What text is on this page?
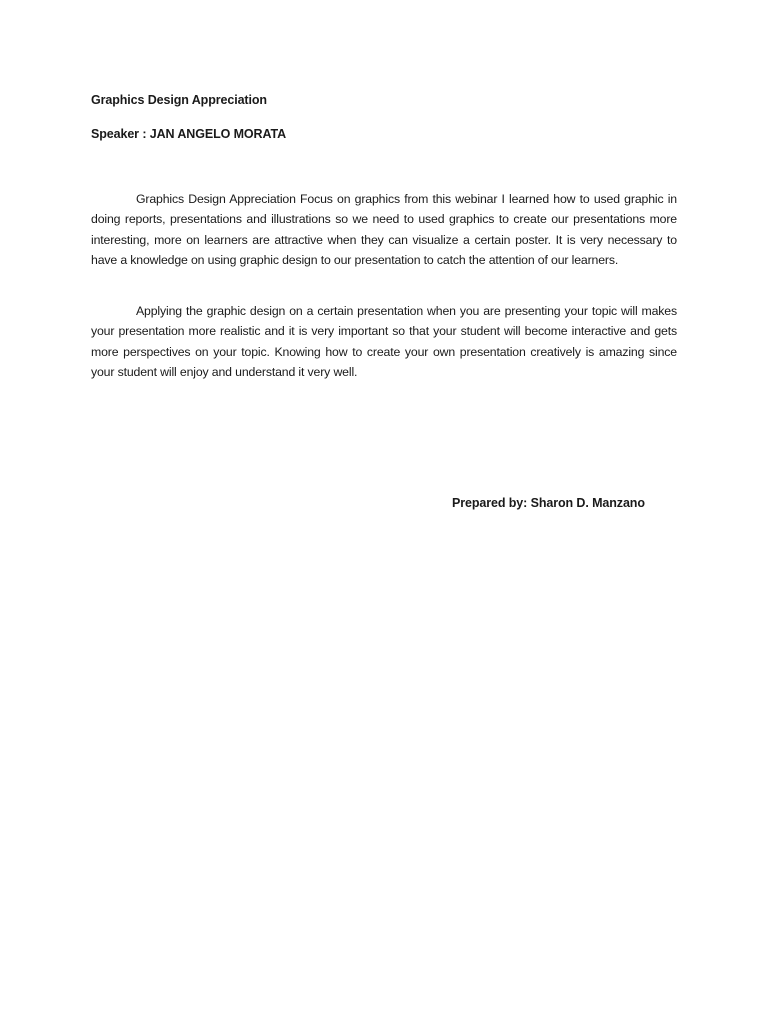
Graphics Design Appreciation
Speaker : JAN ANGELO MORATA

Graphics Design Appreciation Focus on graphics from this webinar I learned how to used graphic in doing reports, presentations and illustrations so we need to used graphics to create our presentations more interesting, more on learners are attractive when they can visualize a certain poster. It is very necessary to have a knowledge on using graphic design to our presentation to catch the attention of our learners.

Applying the graphic design on a certain presentation when you are presenting your topic will makes your presentation more realistic and it is very important so that your student will become interactive and gets more perspectives on your topic. Knowing how to create your own presentation creatively is amazing since your student will enjoy and understand it very well.

Prepared by: Sharon D. Manzano
